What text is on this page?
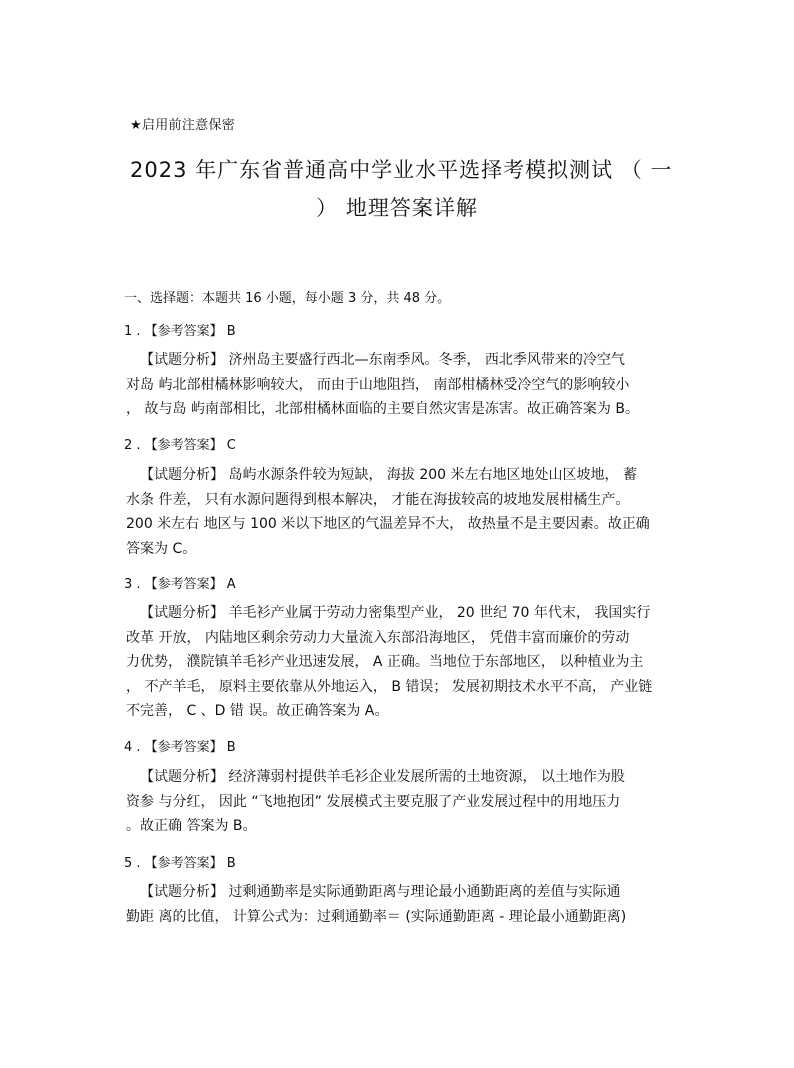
★启用前注意保密
2023 年广东省普通高中学业水平选择考模拟测试 （ 一
） 地理答案详解
一、选择题：本题共 16 小题，每小题 3 分，共 48 分。
1 . 【参考答案】 B
【试题分析】 济州岛主要盛行西北—东南季风。冬季， 西北季风带来的冷空气
对岛 屿北部柑橘林影响较大， 而由于山地阻挡， 南部柑橘林受冷空气的影响较小
， 故与岛 屿南部相比，北部柑橘林面临的主要自然灾害是冻害。故正确答案为 B。
2 . 【参考答案】 C
【试题分析】 岛屿水源条件较为短缺， 海拔 200 米左右地区地处山区坡地， 蓄
水条 件差， 只有水源问题得到根本解决， 才能在海拔较高的坡地发展柑橘生产。
200 米左右 地区与 100 米以下地区的气温差异不大， 故热量不是主要因素。故正确
答案为 C。
3 . 【参考答案】 A
【试题分析】 羊毛衫产业属于劳动力密集型产业， 20 世纪 70 年代末， 我国实行
改革 开放， 内陆地区剩余劳动力大量流入东部沿海地区， 凭借丰富而廉价的劳动
力优势， 濮院镇羊毛衫产业迅速发展， A 正确。当地位于东部地区， 以种植业为主
， 不产羊毛， 原料主要依靠从外地运入， B 错误； 发展初期技术水平不高， 产业链
不完善， C 、D 错 误。故正确答案为 A。
4 . 【参考答案】 B
【试题分析】 经济薄弱村提供羊毛衫企业发展所需的土地资源， 以土地作为股
资参 与分红， 因此 “飞地抱团” 发展模式主要克服了产业发展过程中的用地压力
。故正确 答案为 B。
5 . 【参考答案】 B
【试题分析】 过剩通勤率是实际通勤距离与理论最小通勤距离的差值与实际通
勤距 离的比值， 计算公式为：过剩通勤率＝ (实际通勤距离 - 理论最小通勤距离)
